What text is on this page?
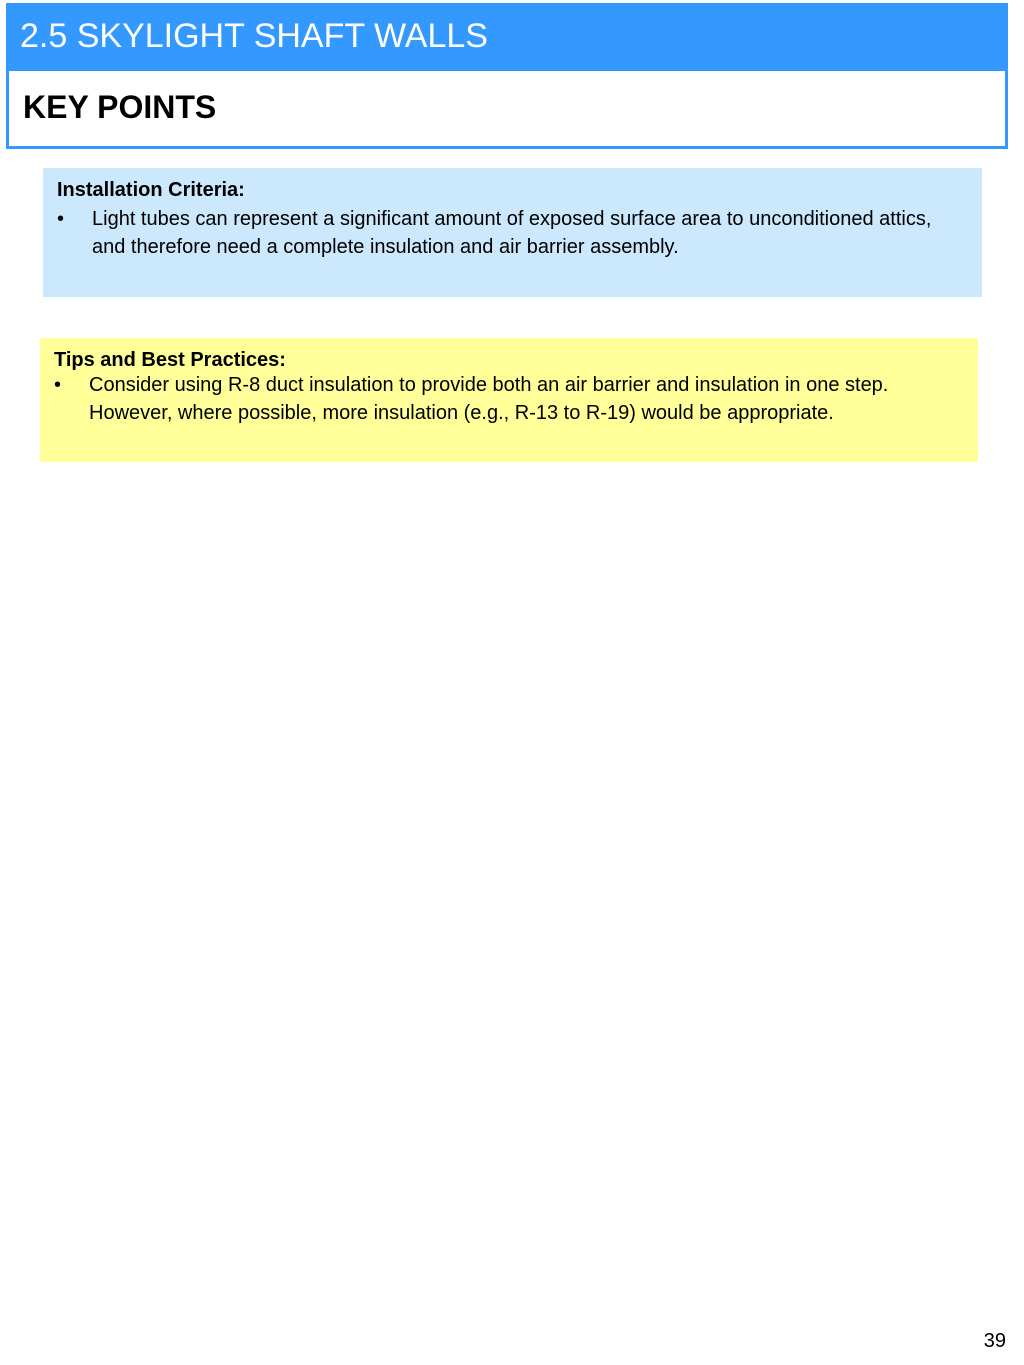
2.5 SKYLIGHT SHAFT WALLS
KEY POINTS
Installation Criteria:
• Light tubes can represent a significant amount of exposed surface area to unconditioned attics, and therefore need a complete insulation and air barrier assembly.
Tips and Best Practices:
• Consider using R-8 duct insulation to provide both an air barrier and insulation in one step. However, where possible, more insulation (e.g., R-13 to R-19) would be appropriate.
39
